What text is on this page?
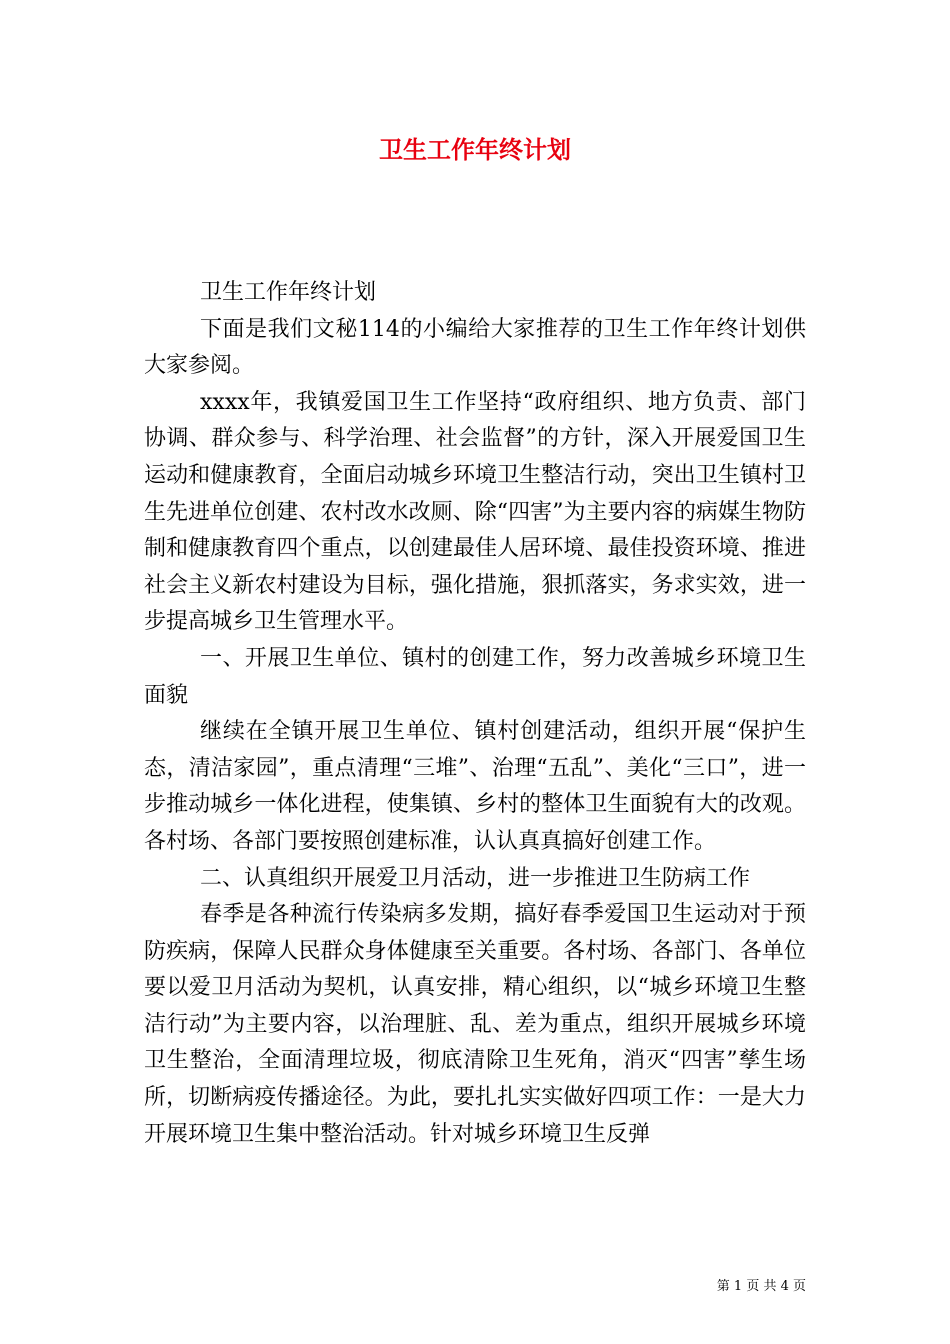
卫生工作年终计划

卫生工作年终计划

下面是我们文秘114的小编给大家推荐的卫生工作年终计划供大家参阅。

xxxx年，我镇爱国卫生工作坚持“政府组织、地方负责、部门协调、群众参与、科学治理、社会监督”的方针，深入开展爱国卫生运动和健康教育，全面启动城乡环境卫生整洁行动，突出卫生镇村卫生先进单位创建、农村改水改厕、除“四害”为主要内容的病媒生物防制和健康教育四个重点，以创建最佳人居环境、最佳投资环境、推进社会主义新农村建设为目标，强化措施，狠抓落实，务求实效，进一步提高城乡卫生管理水平。

一、开展卫生单位、镇村的创建工作，努力改善城乡环境卫生面貌

继续在全镇开展卫生单位、镇村创建活动，组织开展“保护生态，清洁家园”，重点清理“三堆”、治理“五乱”、美化“三口”，进一步推动城乡一体化进程，使集镇、乡村的整体卫生面貌有大的改观。各村场、各部门要按照创建标准，认认真真搞好创建工作。

二、认真组织开展爱卫月活动，进一步推进卫生防病工作

春季是各种流行传染病多发期，搞好春季爱国卫生运动对于预防疾病，保障人民群众身体健康至关重要。各村场、各部门、各单位要以爱卫月活动为契机，认真安排，精心组织，以“城乡环境卫生整洁行动”为主要内容，以治理脏、乱、差为重点，组织开展城乡环境卫生整治，全面清理垃圾，彻底清除卫生死角，消灭“四害”孳生场所，切断病疫传播途径。为此，要扎扎实实做好四项工作：一是大力开展环境卫生集中整治活动。针对城乡环境卫生反弹

第 1 页 共 4 页
